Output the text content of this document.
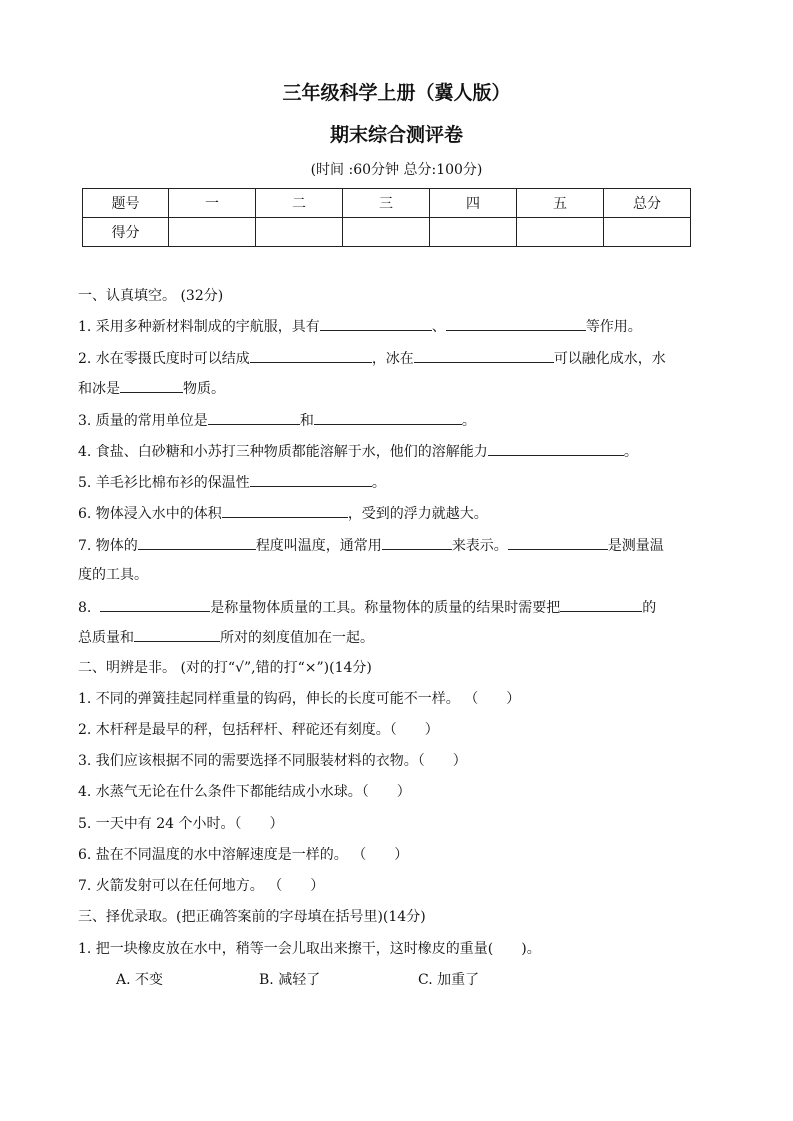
三年级科学上册（冀人版）
期末综合测评卷
(时间 :60分钟 总分:100分)
题号	一	二	三	四	五	总分
得分						
一、认真填空。 (32分)
1. 采用多种新材料制成的宇航服，具有	、	等作用。
2. 水在零摄氏度时可以结成	，冰在	可以融化成水，水
和冰是	物质。
3. 质量的常用单位是	和	。
4. 食盐、白砂糖和小苏打三种物质都能溶解于水，他们的溶解能力	。
5. 羊毛衫比棉布衫的保温性	。
6. 物体浸入水中的体积	，受到的浮力就越大。
7. 物体的	程度叫温度，通常用	来表示。	是测量温
度的工具。
8.	是称量物体质量的工具。称量物体的质量的结果时需要把	的
总质量和	所对的刻度值加在一起。
二、明辨是非。 (对的打“√”,错的打“×”)(14分)
1. 不同的弹簧挂起同样重量的钩码，伸长的长度可能不一样。 （　　）
2. 木杆秤是最早的秤，包括秤杆、秤砣还有刻度。（　　）
3. 我们应该根据不同的需要选择不同服装材料的衣物。（　　）
4. 水蒸气无论在什么条件下都能结成小水球。（　　）
5. 一天中有 24 个小时。（　　）
6. 盐在不同温度的水中溶解速度是一样的。 （　　）
7. 火箭发射可以在任何地方。 （　　）
三、择优录取。(把正确答案前的字母填在括号里)(14分)
1. 把一块橡皮放在水中，稍等一会儿取出来擦干，这时橡皮的重量(　　)。
A. 不变	B. 减轻了	C. 加重了
